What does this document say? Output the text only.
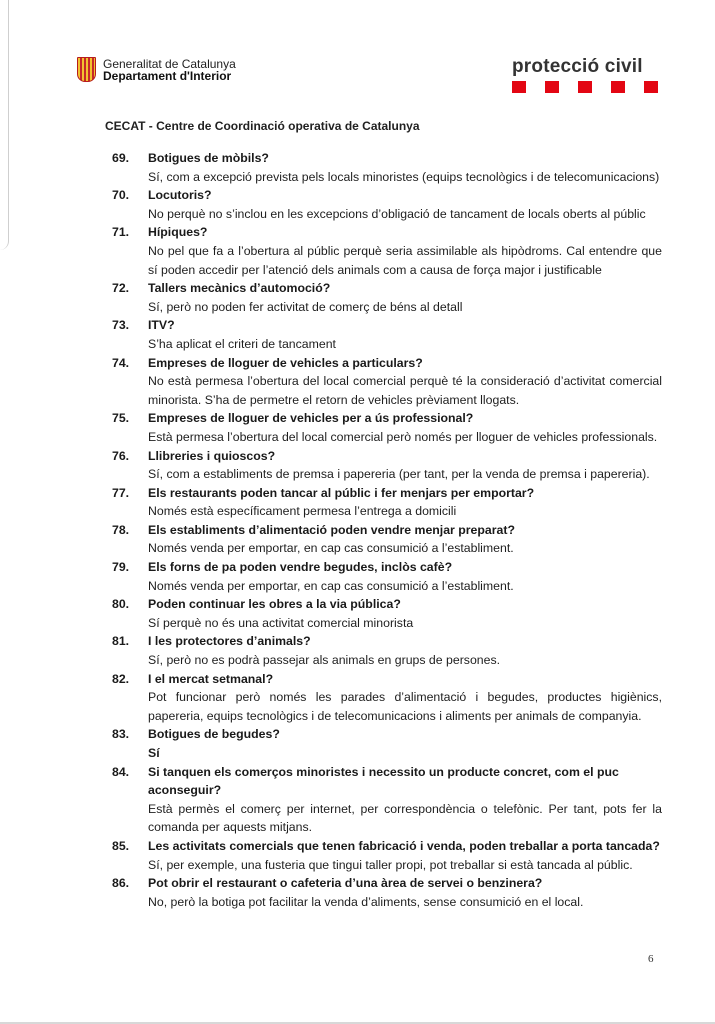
Generalitat de Catalunya
Departament d'Interior	protecció civil
CECAT - Centre de Coordinació operativa de Catalunya
69.	Botigues de mòbils?
Sí, com a excepció prevista pels locals minoristes (equips tecnològics i de telecomunicacions)
70.	Locutoris?
No perquè no s’inclou en les excepcions d’obligació de tancament de locals oberts al públic
71.	Hípiques?
No pel que fa a l’obertura al públic perquè seria assimilable als hipòdroms. Cal entendre que sí poden accedir per l’atenció dels animals com a causa de força major i justificable
72.	Tallers mecànics d’automoció?
Sí, però no poden fer activitat de comerç de béns al detall
73.	ITV?
S’ha aplicat el criteri de tancament
74.	Empreses de lloguer de vehicles a particulars?
No està permesa l’obertura del local comercial perquè té la consideració d’activitat comercial minorista. S’ha de permetre el retorn de vehicles prèviament llogats.
75.	Empreses de lloguer de vehicles per a ús professional?
Està permesa l’obertura del local comercial però només per lloguer de vehicles professionals.
76.	Llibreries i quioscos?
Sí, com a establiments de premsa i papereria (per tant, per la venda de premsa i papereria).
77.	Els restaurants poden tancar al públic i fer menjars per emportar?
Només està específicament permesa l’entrega a domicili
78.	Els establiments d’alimentació poden vendre menjar preparat?
Només venda per emportar, en cap cas consumició a l’establiment.
79.	Els forns de pa poden vendre begudes, inclòs cafè?
Només venda per emportar, en cap cas consumició a l’establiment.
80.	Poden continuar les obres a la via pública?
Sí perquè no és una activitat comercial minorista
81.	I les protectores d’animals?
Sí, però no es podrà passejar als animals en grups de persones.
82.	I el mercat setmanal?
Pot funcionar però només les parades d’alimentació i begudes, productes higiènics, papereria, equips tecnològics i de telecomunicacions i aliments per animals de companyia.
83.	Botigues de begudes?
Sí
84.	Si tanquen els comerços minoristes i necessito un producte concret, com el puc aconseguir?
Està permès el comerç per internet, per correspondència o telefònic. Per tant, pots fer la comanda per aquests mitjans.
85.	Les activitats comercials que tenen fabricació i venda, poden treballar a porta tancada?
Sí, per exemple, una fusteria que tingui taller propi, pot treballar si està tancada al públic.
86.	Pot obrir el restaurant o cafeteria d’una àrea de servei o benzinera?
No, però la botiga pot facilitar la venda d’aliments, sense consumició en el local.
6
